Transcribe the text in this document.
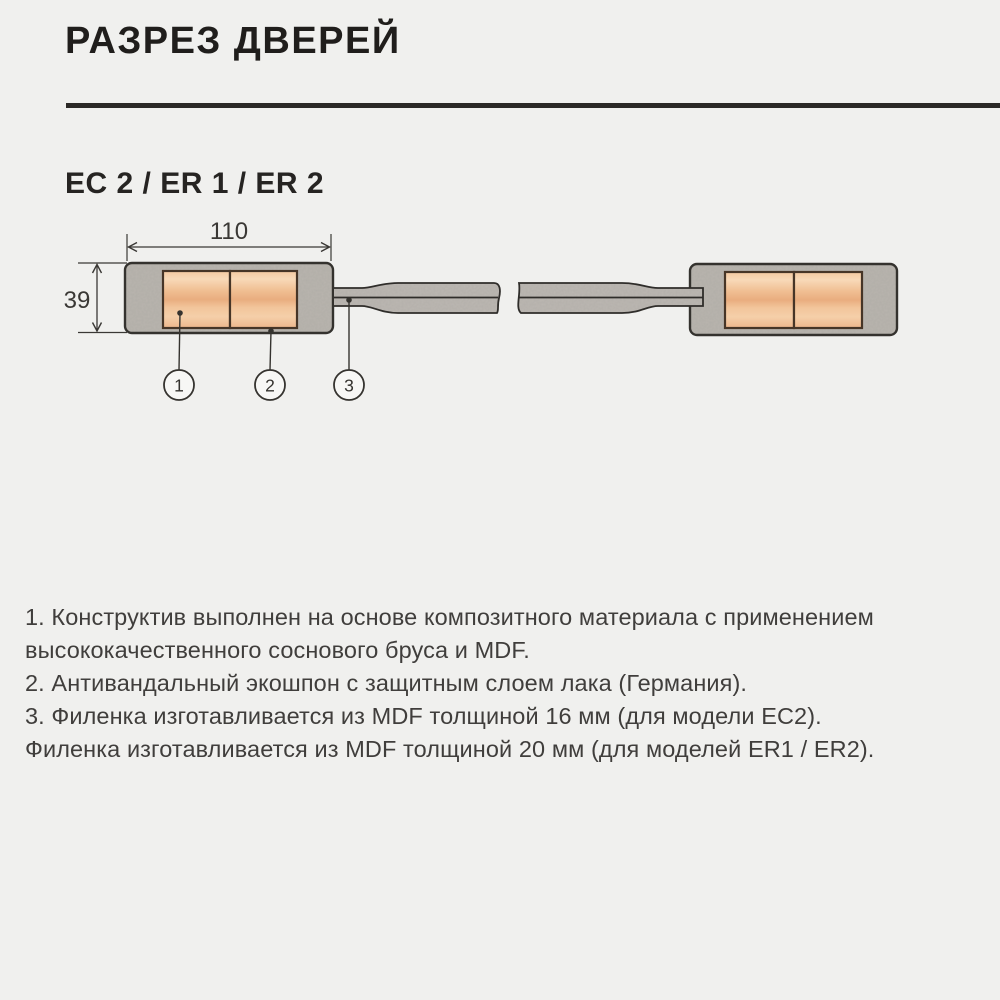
РАЗРЕЗ ДВЕРЕЙ
EC 2 / ER 1 / ER 2
110
39
1	2	3
1. Конструктив выполнен на основе композитного материала с применением
высококачественного соснового бруса и MDF.
2. Антивандальный экошпон с защитным слоем лака (Германия).
3. Филенка изготавливается из MDF толщиной 16 мм (для модели EC2).
Филенка изготавливается из MDF толщиной 20 мм (для моделей ER1 / ER2).
